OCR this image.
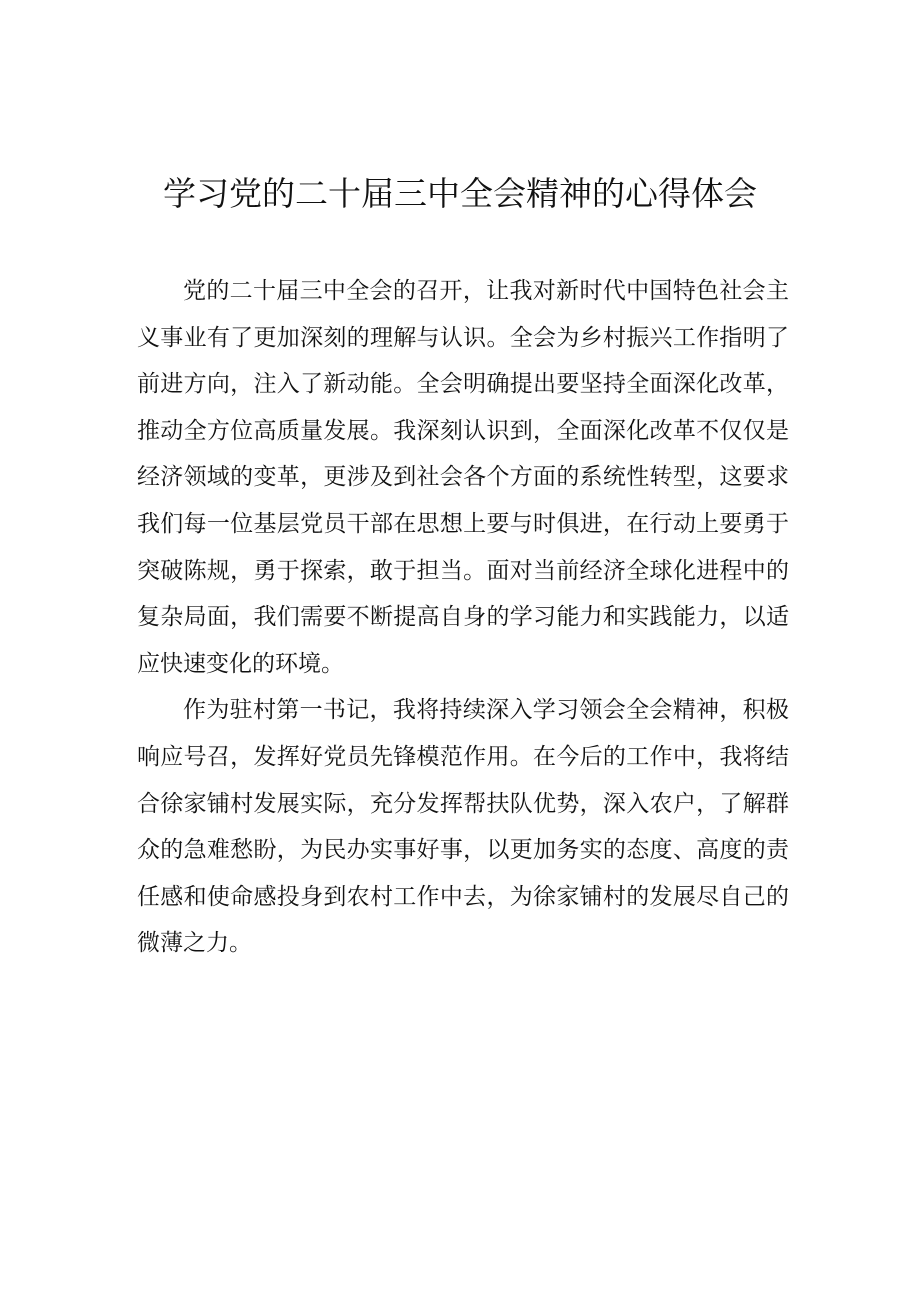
学习党的二十届三中全会精神的心得体会

党的二十届三中全会的召开，让我对新时代中国特色社会主义事业有了更加深刻的理解与认识。全会为乡村振兴工作指明了前进方向，注入了新动能。全会明确提出要坚持全面深化改革，推动全方位高质量发展。我深刻认识到，全面深化改革不仅仅是经济领域的变革，更涉及到社会各个方面的系统性转型，这要求我们每一位基层党员干部在思想上要与时俱进，在行动上要勇于突破陈规，勇于探索，敢于担当。面对当前经济全球化进程中的复杂局面，我们需要不断提高自身的学习能力和实践能力，以适应快速变化的环境。

作为驻村第一书记，我将持续深入学习领会全会精神，积极响应号召，发挥好党员先锋模范作用。在今后的工作中，我将结合徐家铺村发展实际，充分发挥帮扶队优势，深入农户，了解群众的急难愁盼，为民办实事好事，以更加务实的态度、高度的责任感和使命感投身到农村工作中去，为徐家铺村的发展尽自己的微薄之力。
